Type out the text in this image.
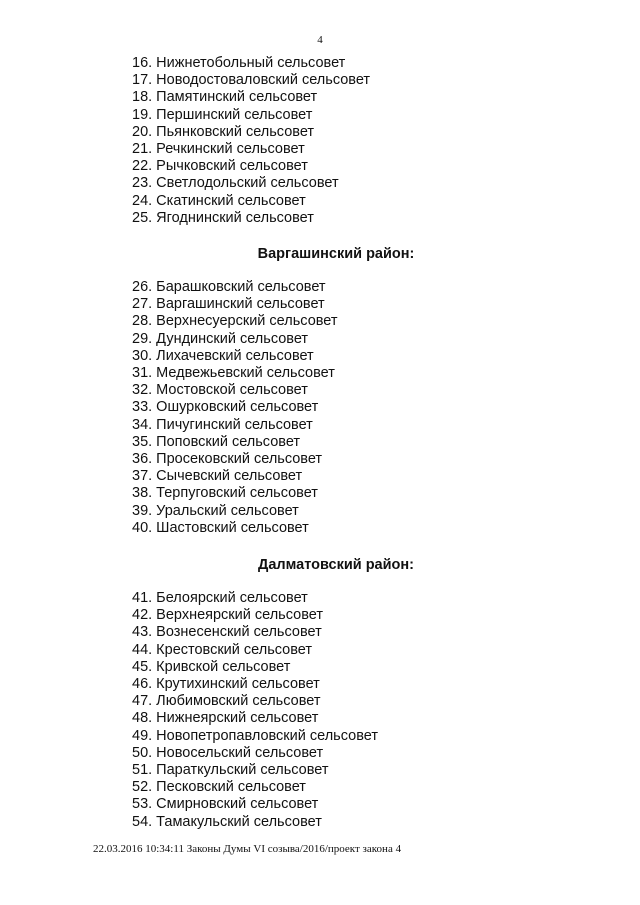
4
16. Нижнетобольный сельсовет
17. Новодостоваловский сельсовет
18. Памятинский сельсовет
19. Першинский сельсовет
20. Пьянковский сельсовет
21. Речкинский сельсовет
22. Рычковский сельсовет
23. Светлодольский сельсовет
24. Скатинский сельсовет
25. Ягоднинский сельсовет
Варгашинский район:
26. Барашковский сельсовет
27. Варгашинский сельсовет
28. Верхнесуерский сельсовет
29. Дундинский сельсовет
30. Лихачевский сельсовет
31. Медвежьевский сельсовет
32. Мостовской сельсовет
33. Ошурковский сельсовет
34. Пичугинский сельсовет
35. Поповский сельсовет
36. Просековский сельсовет
37. Сычевский сельсовет
38. Терпуговский сельсовет
39. Уральский сельсовет
40. Шастовский сельсовет
Далматовский район:
41. Белоярский сельсовет
42. Верхнеярский сельсовет
43. Вознесенский сельсовет
44. Крестовский сельсовет
45. Кривской сельсовет
46. Крутихинский сельсовет
47. Любимовский сельсовет
48. Нижнеярский сельсовет
49. Новопетропавловский сельсовет
50. Новосельский сельсовет
51. Параткульский сельсовет
52. Песковский сельсовет
53. Смирновский сельсовет
54. Тамакульский сельсовет
22.03.2016 10:34:11 Законы Думы VI созыва/2016/проект закона 4
